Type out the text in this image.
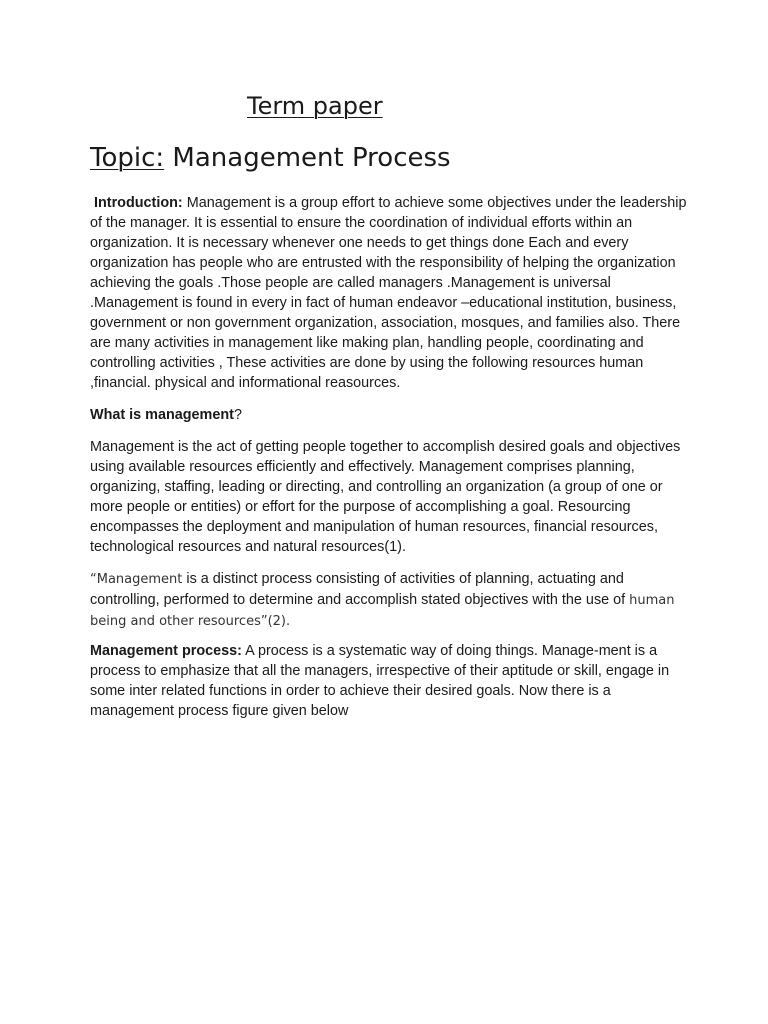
Term paper
Topic: Management Process

Introduction: Management is a group effort to achieve some objectives under the leadership of the manager. It is essential to ensure the coordination of individual efforts within an organization. It is necessary whenever one needs to get things done Each and every organization has people who are entrusted with the responsibility of helping the organization achieving the goals .Those people are called managers .Management is universal .Management is found in every in fact of human endeavor –educational institution, business, government or non government organization, association, mosques, and families also. There are many activities in management like making plan, handling people, coordinating and controlling activities , These activities are done by using the following resources human ,financial. physical and informational reasources.

What is management?

Management is the act of getting people together to accomplish desired goals and objectives using available resources efficiently and effectively. Management comprises planning, organizing, staffing, leading or directing, and controlling an organization (a group of one or more people or entities) or effort for the purpose of accomplishing a goal. Resourcing encompasses the deployment and manipulation of human resources, financial resources, technological resources and natural resources(1).

“Management is a distinct process consisting of activities of planning, actuating and controlling, performed to determine and accomplish stated objectives with the use of human being and other resources”(2).

Management process: A process is a systematic way of doing things. Manage-ment is a process to emphasize that all the managers, irrespective of their aptitude or skill, engage in some inter related functions in order to achieve their desired goals. Now there is a management process figure given below
